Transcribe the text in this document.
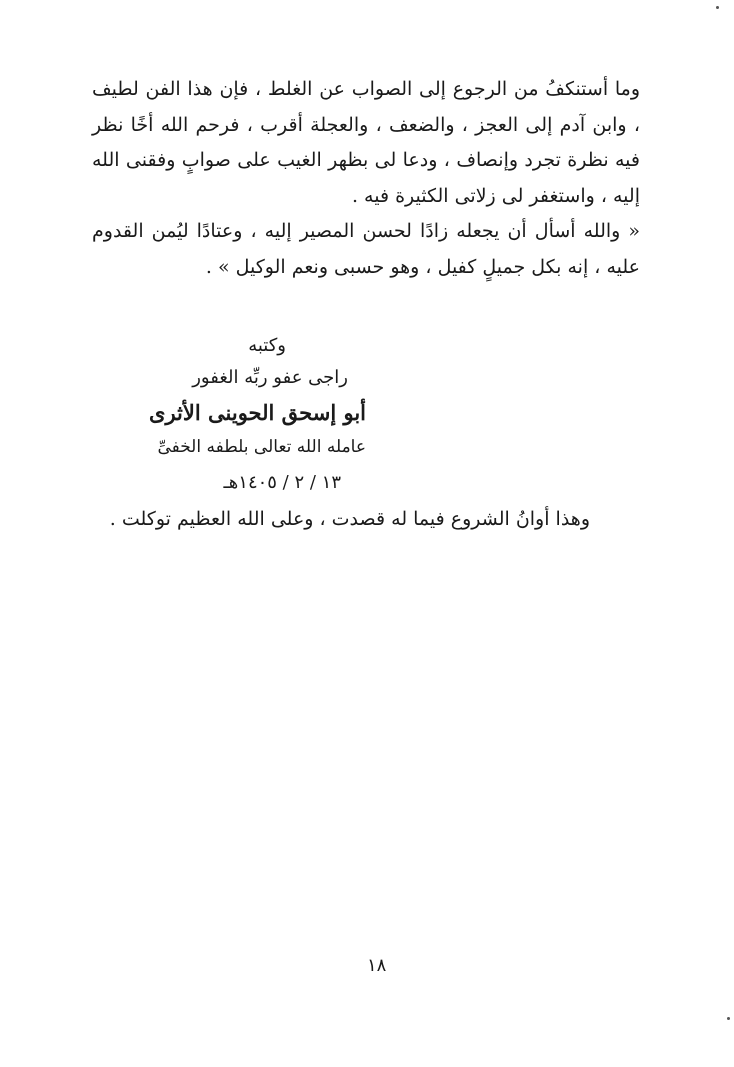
وما أستنكفُ من الرجوع إلى الصواب عن الغلط ، فإن هذا الفن لطيف ، وابن آدم إلى العجز ، والضعف ، والعجلة أقرب ، فرحم الله أخًا نظر فيه نظرة تجرد وإنصاف ، ودعا لى بظهر الغيب على صوابٍ وفقنى الله إليه ، واستغفر لى زلاتى الكثيرة فيه .

« والله أسأل أن يجعله زادًا لحسن المصير إليه ، وعتادًا ليُمن القدوم عليه ، إنه بكل جميلٍ كفيل ، وهو حسبى ونعم الوكيل » .

وكتبه
راجى عفو ربِّه الغفور
أبو إسحق الحوينى الأثرى
عامله الله تعالى بلطفه الخفىِّ
١٣ / ٢ / ١٤٠٥هـ
وهذا أوانُ الشروع فيما له قصدت ، وعلى الله العظيم توكلت .
١٨
